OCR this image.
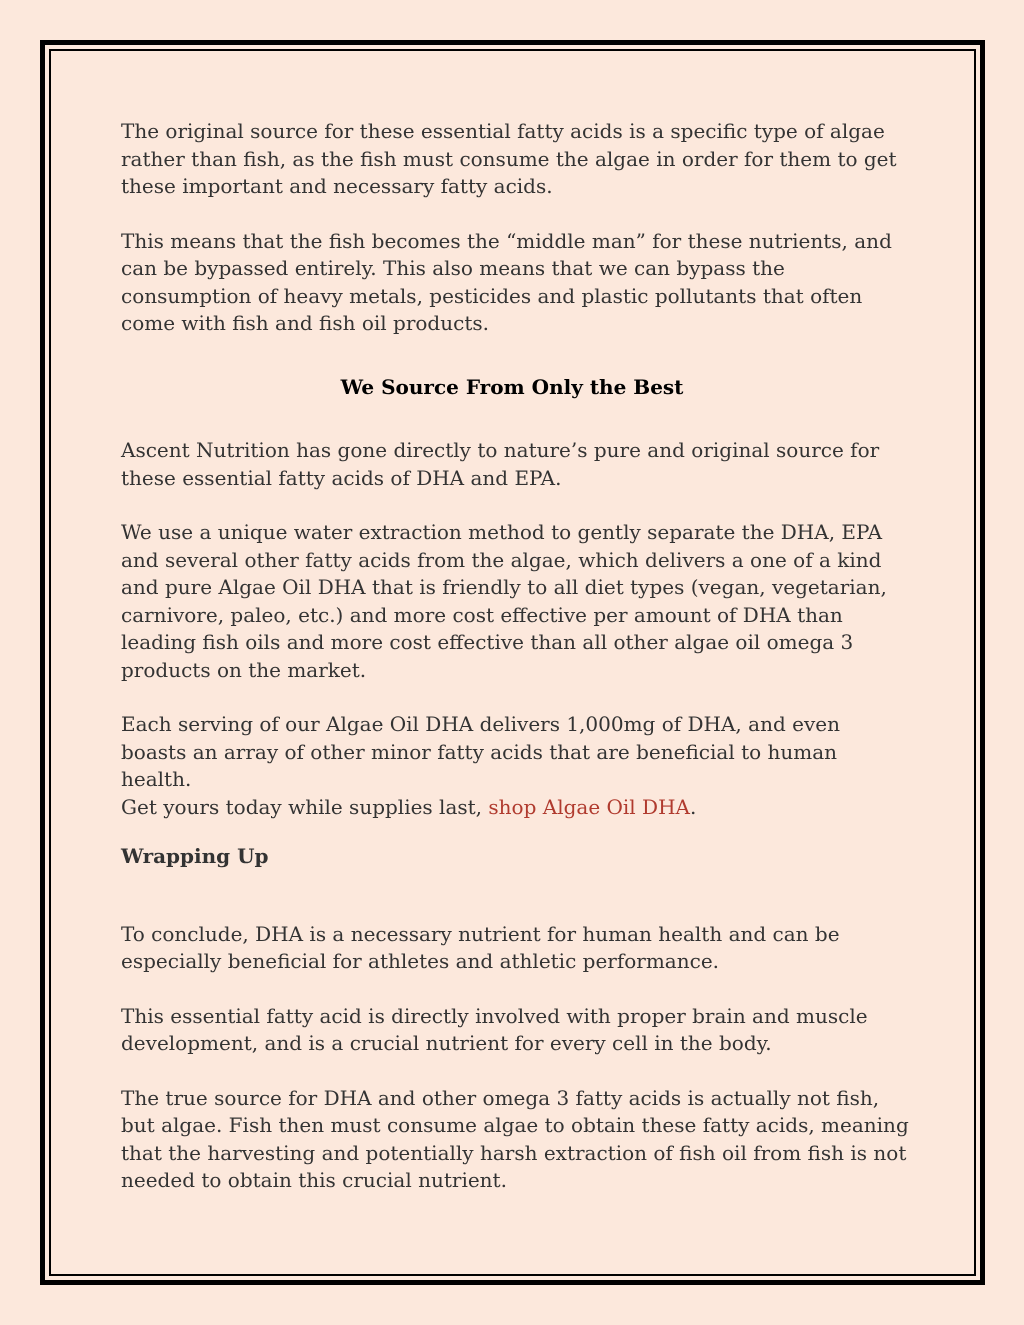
The original source for these essential fatty acids is a specific type of algae rather than fish, as the fish must consume the algae in order for them to get these important and necessary fatty acids.

This means that the fish becomes the “middle man” for these nutrients, and can be bypassed entirely. This also means that we can bypass the consumption of heavy metals, pesticides and plastic pollutants that often come with fish and fish oil products.

We Source From Only the Best

Ascent Nutrition has gone directly to nature’s pure and original source for these essential fatty acids of DHA and EPA.

We use a unique water extraction method to gently separate the DHA, EPA and several other fatty acids from the algae, which delivers a one of a kind and pure Algae Oil DHA that is friendly to all diet types (vegan, vegetarian, carnivore, paleo, etc.) and more cost effective per amount of DHA than leading fish oils and more cost effective than all other algae oil omega 3 products on the market.

Each serving of our Algae Oil DHA delivers 1,000mg of DHA, and even boasts an array of other minor fatty acids that are beneficial to human health.

Get yours today while supplies last, shop Algae Oil DHA.

Wrapping Up

To conclude, DHA is a necessary nutrient for human health and can be especially beneficial for athletes and athletic performance.

This essential fatty acid is directly involved with proper brain and muscle development, and is a crucial nutrient for every cell in the body.

The true source for DHA and other omega 3 fatty acids is actually not fish, but algae. Fish then must consume algae to obtain these fatty acids, meaning that the harvesting and potentially harsh extraction of fish oil from fish is not needed to obtain this crucial nutrient.
